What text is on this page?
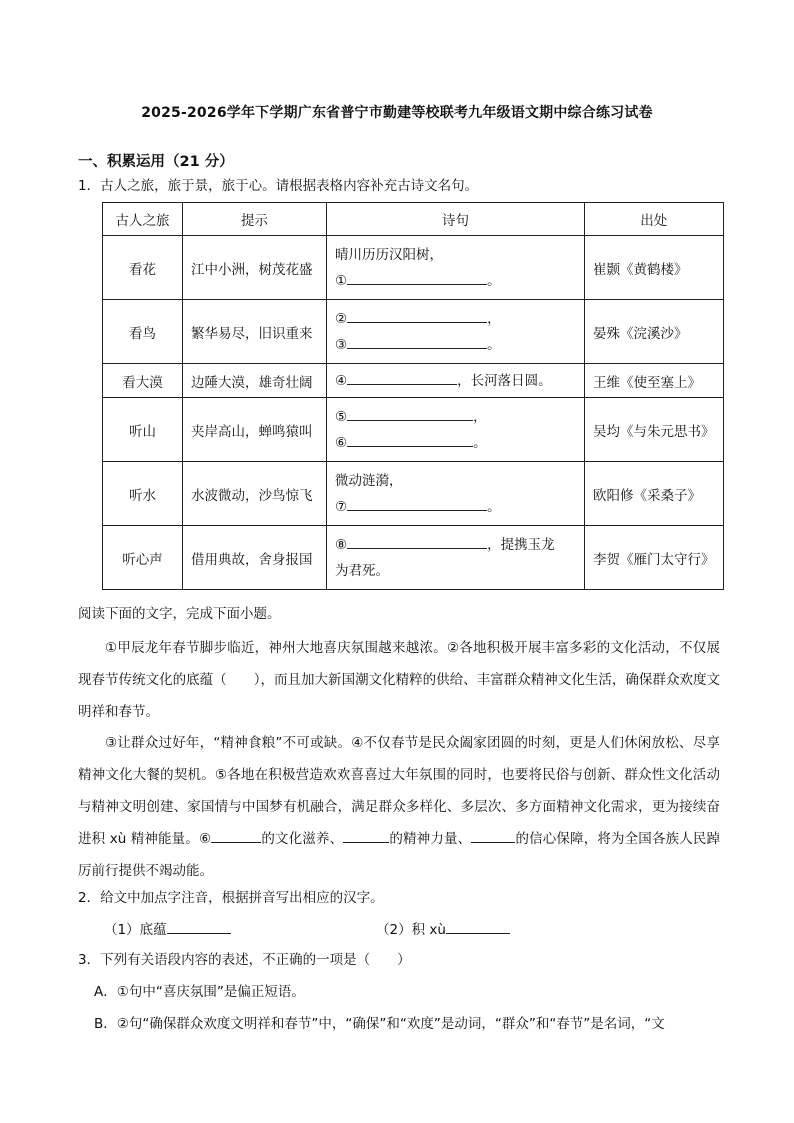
2025-2026学年下学期广东省普宁市勤建等校联考九年级语文期中综合练习试卷
一、积累运用（21 分）
1．古人之旅，旅于景，旅于心。请根据表格内容补充古诗文名句。
古人之旅	提示	诗句	出处
看花	江中小洲，树茂花盛	晴川历历汉阳树，
① 。	崔颢《黄鹤楼》
看鸟	繁华易尽，旧识重来	② ，
③ 。	晏殊《浣溪沙》
看大漠	边陲大漠，雄奇壮阔	④ ，长河落日圆。	王维《使至塞上》
听山	夹岸高山，蝉鸣猿叫	⑤ ，
⑥ 。	吴均《与朱元思书》
听水	水波微动，沙鸟惊飞	微动涟漪，
⑦ 。	欧阳修《采桑子》
听心声	借用典故，舍身报国	⑧ ，提携玉龙
为君死。	李贺《雁门太守行》
阅读下面的文字，完成下面小题。
①甲辰龙年春节脚步临近，神州大地喜庆氛围越来越浓。②各地积极开展丰富多彩的文化活动，不仅展现春节传统文化的底蕴（　　），而且加大新国潮文化精粹的供给、丰富群众精神文化生活，确保群众欢度文明祥和春节。
③让群众过好年，“精神食粮”不可或缺。④不仅春节是民众阖家团圆的时刻，更是人们休闲放松、尽享精神文化大餐的契机。⑤各地在积极营造欢欢喜喜过大年氛围的同时，也要将民俗与创新、群众性文化活动与精神文明创建、家国情与中国梦有机融合，满足群众多样化、多层次、多方面精神文化需求，更为接续奋进积 xù 精神能量。⑥	的文化滋养、	的精神力量、	的信心保障，将为全国各族人民踔厉前行提供不竭动能。
2．给文中加点字注音，根据拼音写出相应的汉字。
（1）底蕴	（2）积 xù
3．下列有关语段内容的表述，不正确的一项是（　　）
A．①句中“喜庆氛围”是偏正短语。
B．②句“确保群众欢度文明祥和春节”中，“确保”和“欢度”是动词，“群众”和“春节”是名词，“文
